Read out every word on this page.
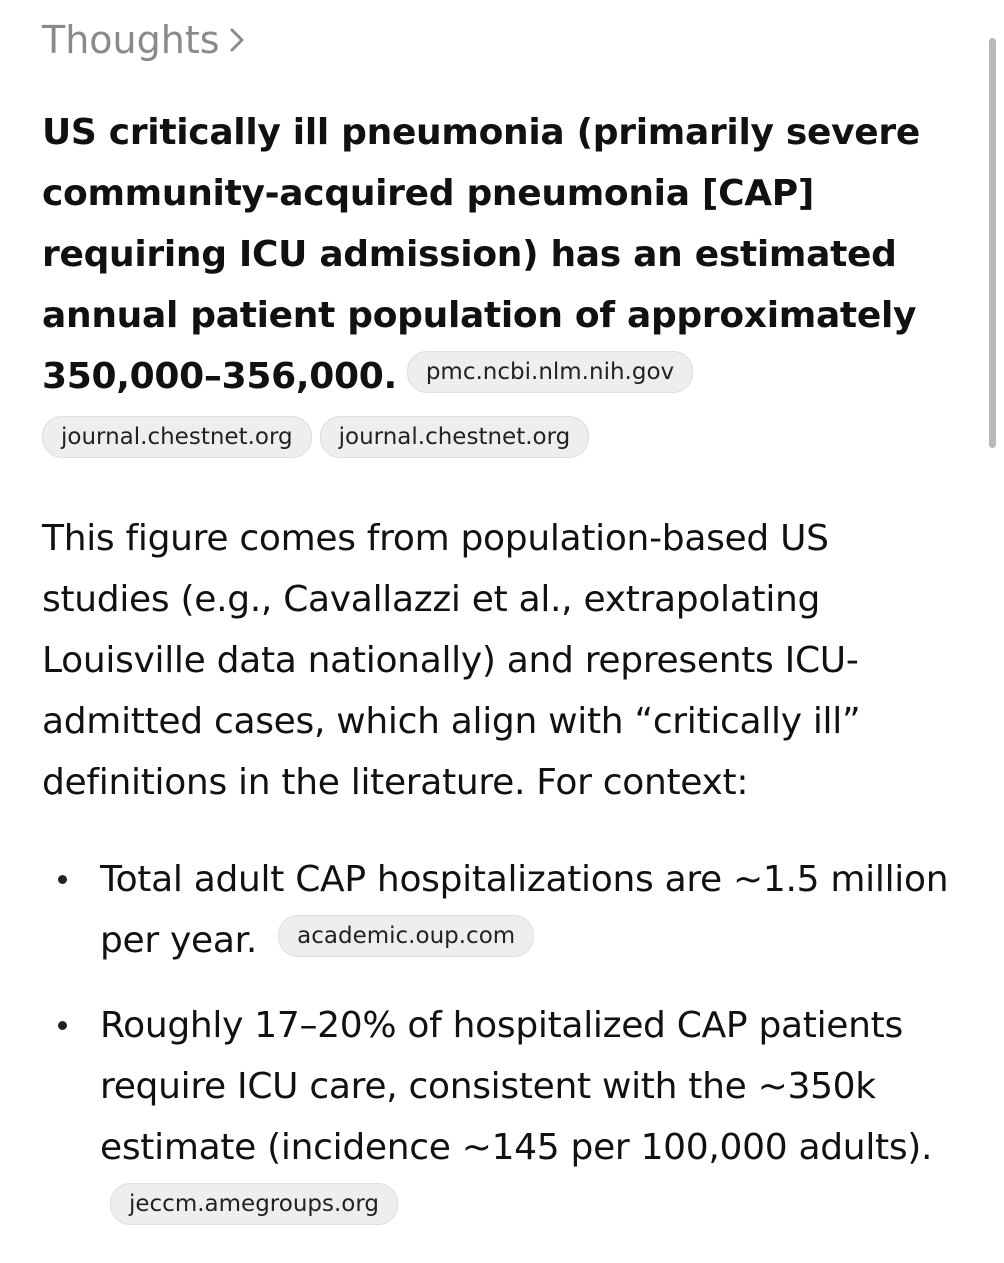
Thoughts
US critically ill pneumonia (primarily severe community-acquired pneumonia [CAP] requiring ICU admission) has an estimated annual patient population of approximately 350,000–356,000. pmc.ncbi.nlm.nih.gov
journal.chestnet.org journal.chestnet.org
This figure comes from population-based US studies (e.g., Cavallazzi et al., extrapolating Louisville data nationally) and represents ICU-admitted cases, which align with “critically ill” definitions in the literature. For context:
Total adult CAP hospitalizations are ~1.5 million per year. academic.oup.com
Roughly 17–20% of hospitalized CAP patients require ICU care, consistent with the ~350k estimate (incidence ~145 per 100,000 adults). jeccm.amegroups.org
